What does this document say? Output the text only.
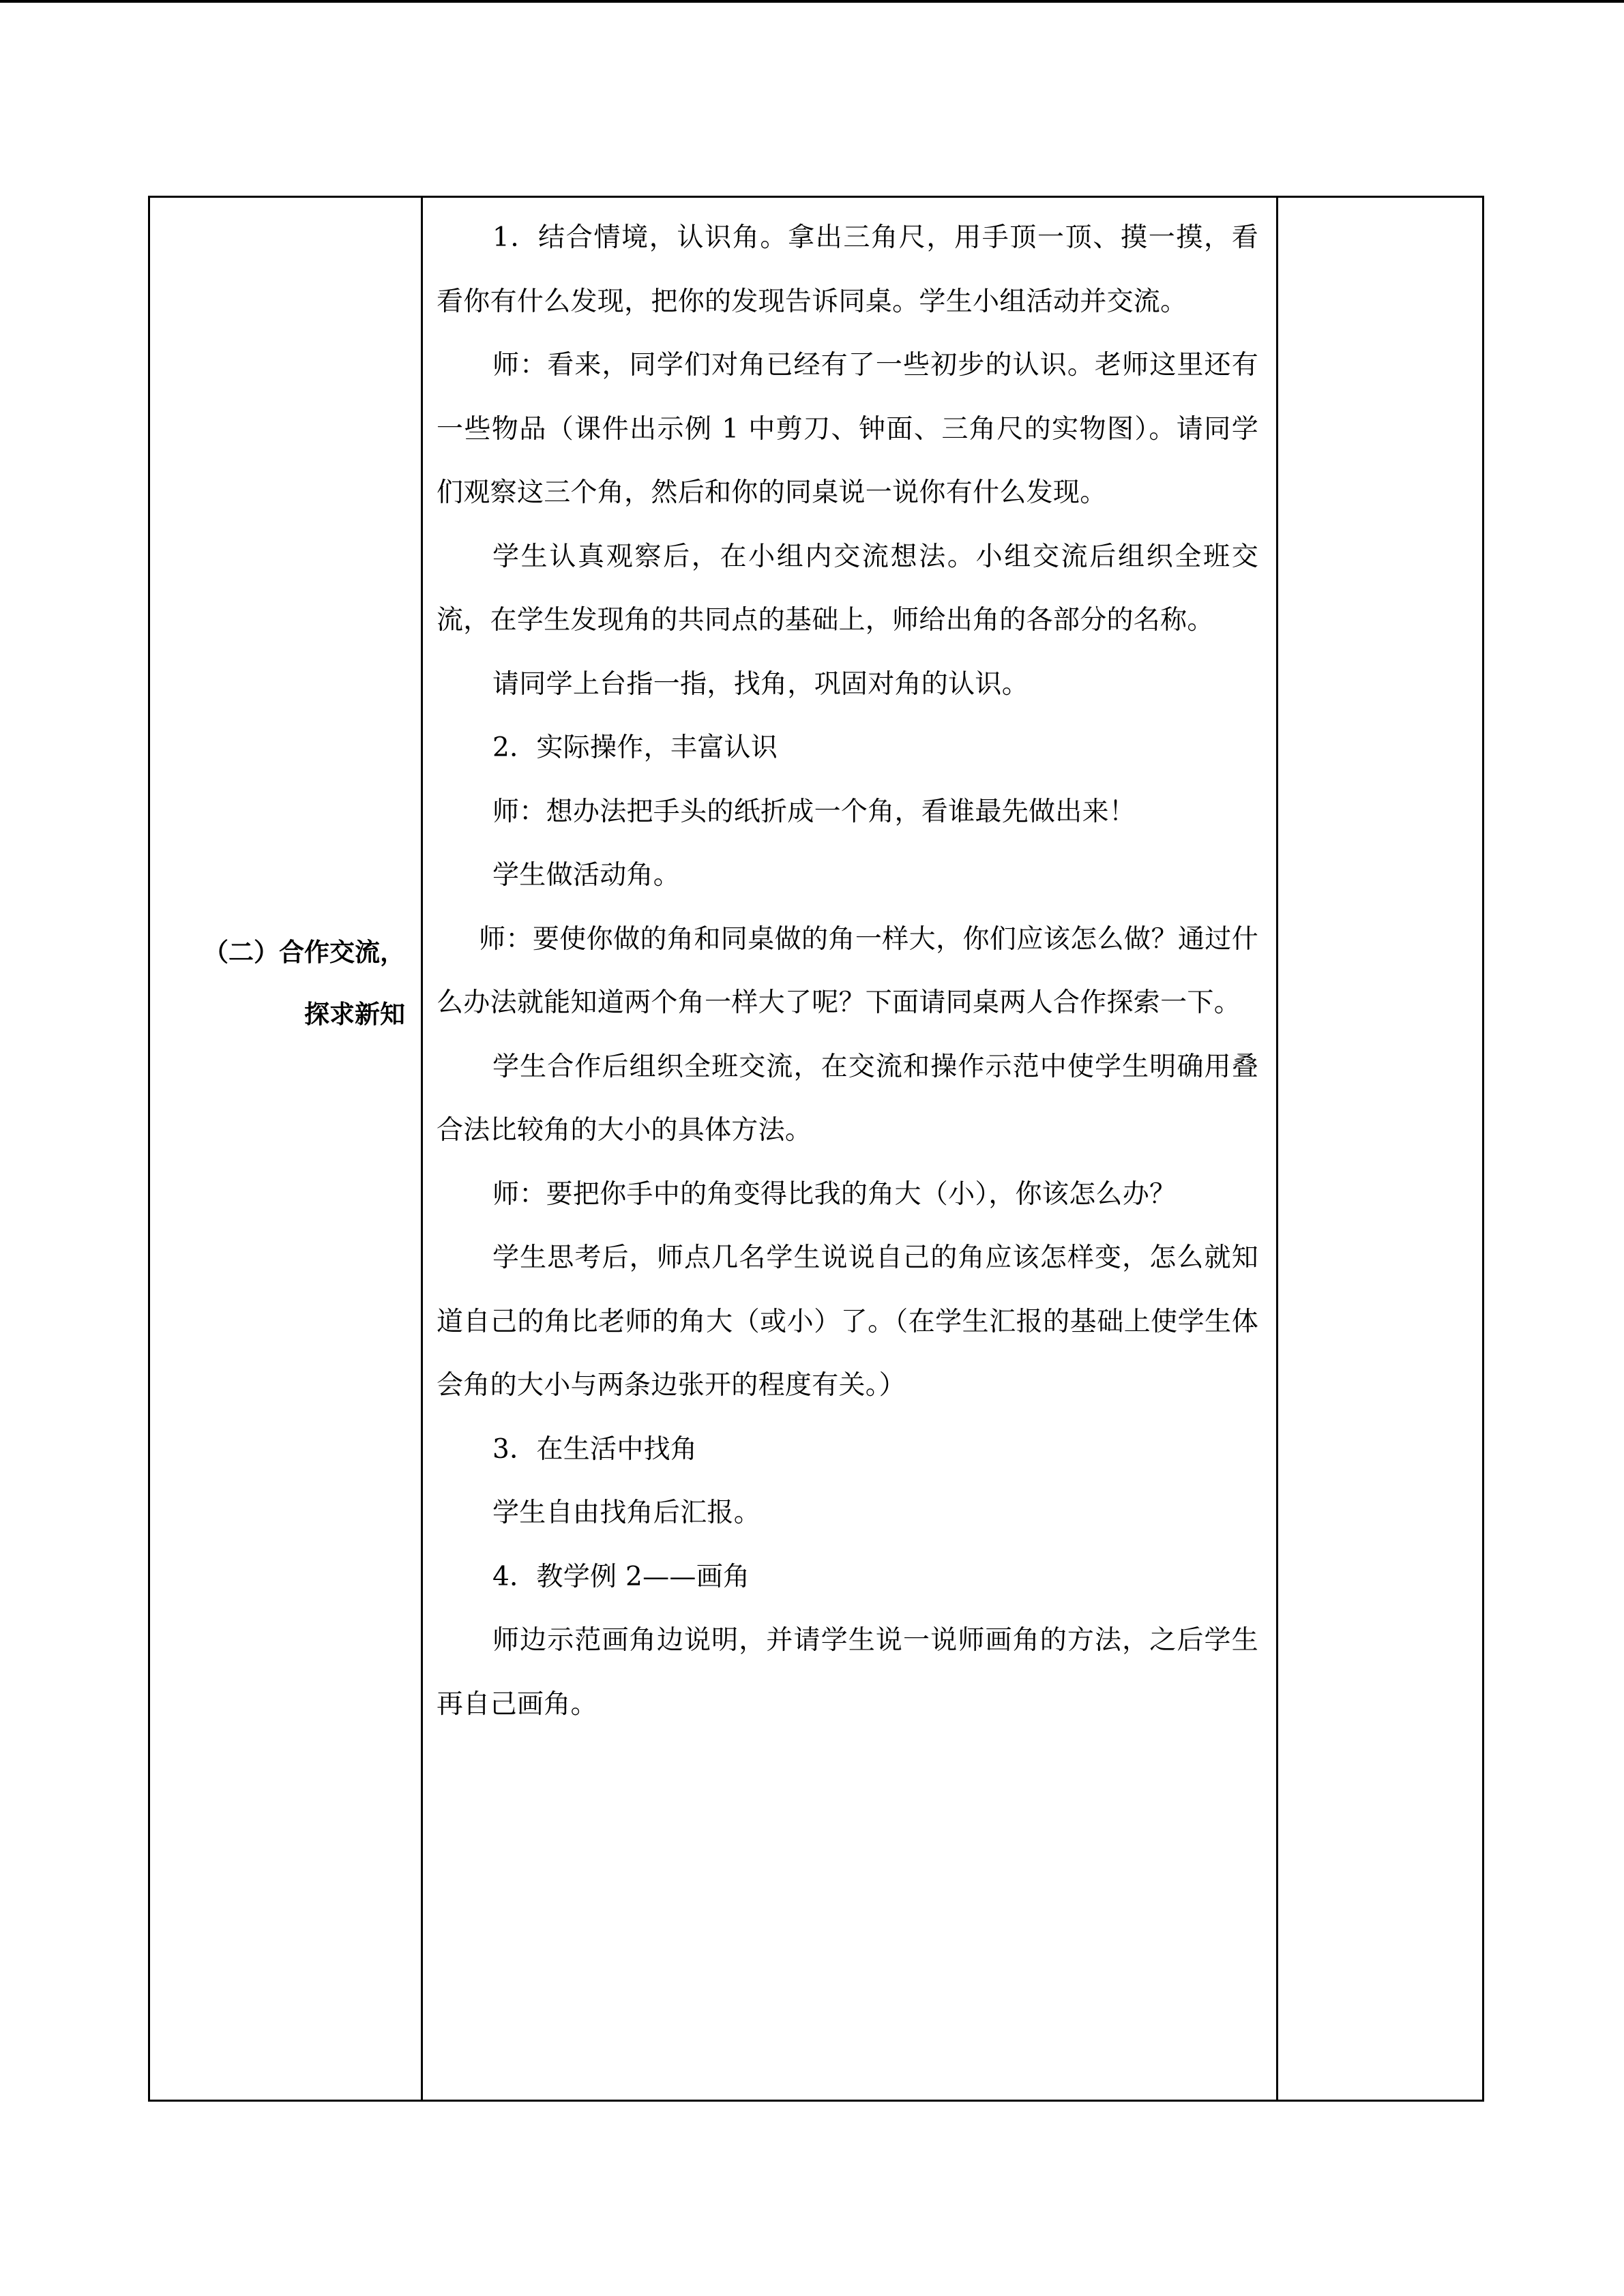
（二）合作交流，
探求新知

1．结合情境，认识角。拿出三角尺，用手顶一顶、摸一摸，看看你有什么发现，把你的发现告诉同桌。学生小组活动并交流。

师：看来，同学们对角已经有了一些初步的认识。老师这里还有一些物品（课件出示例 1 中剪刀、钟面、三角尺的实物图）。请同学们观察这三个角，然后和你的同桌说一说你有什么发现。

学生认真观察后，在小组内交流想法。小组交流后组织全班交流，在学生发现角的共同点的基础上，师给出角的各部分的名称。

请同学上台指一指，找角，巩固对角的认识。

2．实际操作，丰富认识

师：想办法把手头的纸折成一个角，看谁最先做出来！

学生做活动角。

师：要使你做的角和同桌做的角一样大，你们应该怎么做？通过什么办法就能知道两个角一样大了呢？下面请同桌两人合作探索一下。

学生合作后组织全班交流，在交流和操作示范中使学生明确用叠合法比较角的大小的具体方法。

师：要把你手中的角变得比我的角大（小），你该怎么办？

学生思考后，师点几名学生说说自己的角应该怎样变，怎么就知道自己的角比老师的角大（或小）了。（在学生汇报的基础上使学生体会角的大小与两条边张开的程度有关。）

3．在生活中找角

学生自由找角后汇报。

4．教学例 2——画角

师边示范画角边说明，并请学生说一说师画角的方法，之后学生再自己画角。
